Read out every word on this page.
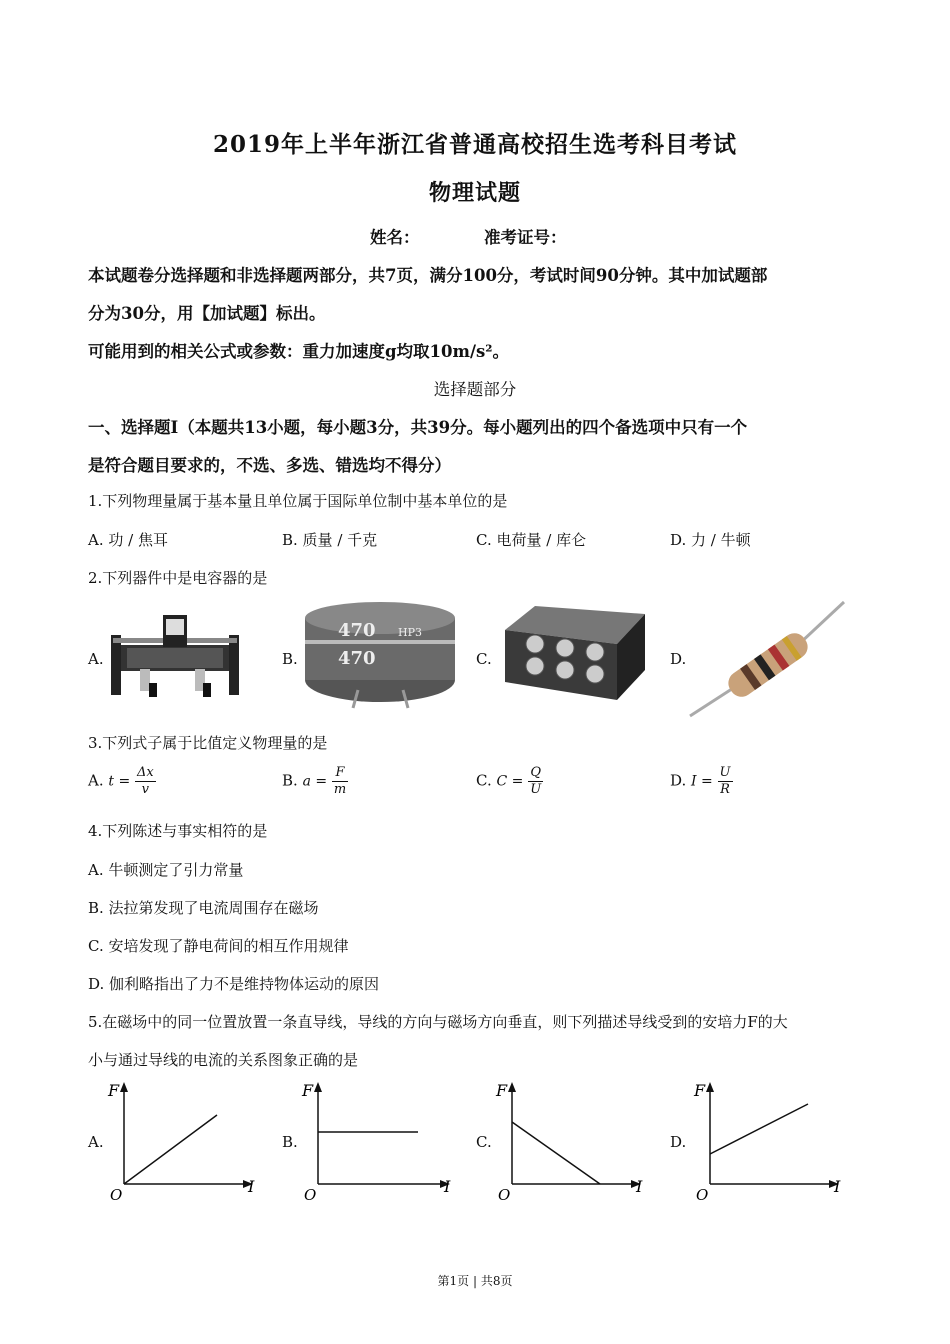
2019年上半年浙江省普通高校招生选考科目考试
物理试题
姓名：	准考证号：
本试题卷分选择题和非选择题两部分，共7页，满分100分，考试时间90分钟。其中加试题部
分为30分，用【加试题】标出。
可能用到的相关公式或参数：重力加速度g均取10m/s²。
选择题部分
一、选择题Ⅰ（本题共13小题，每小题3分，共39分。每小题列出的四个备选项中只有一个
是符合题目要求的，不选、多选、错选均不得分）
1.下列物理量属于基本量且单位属于国际单位制中基本单位的是
A. 功 / 焦耳	B. 质量 / 千克	C. 电荷量 / 库仑	D. 力 / 牛顿
2.下列器件中是电容器的是
A.	B.
470
470
HP3
C.	D.
3.下列式子属于比值定义物理量的是
A. $t = \frac{\Delta x}{v}$	B. $a = \frac{F}{m}$	C. $C = \frac{Q}{U}$	D. $I = \frac{U}{R}$
4.下列陈述与事实相符的是
A. 牛顿测定了引力常量
B. 法拉第发现了电流周围存在磁场
C. 安培发现了静电荷间的相互作用规律
D. 伽利略指出了力不是维持物体运动的原因
5.在磁场中的同一位置放置一条直导线，导线的方向与磁场方向垂直，则下列描述导线受到的安培力F的大
小与通过导线的电流的关系图象正确的是
A.
F
I
O
B.
F
I
O
C.
F
I
O
D.
F
I
O
第1页 | 共8页
